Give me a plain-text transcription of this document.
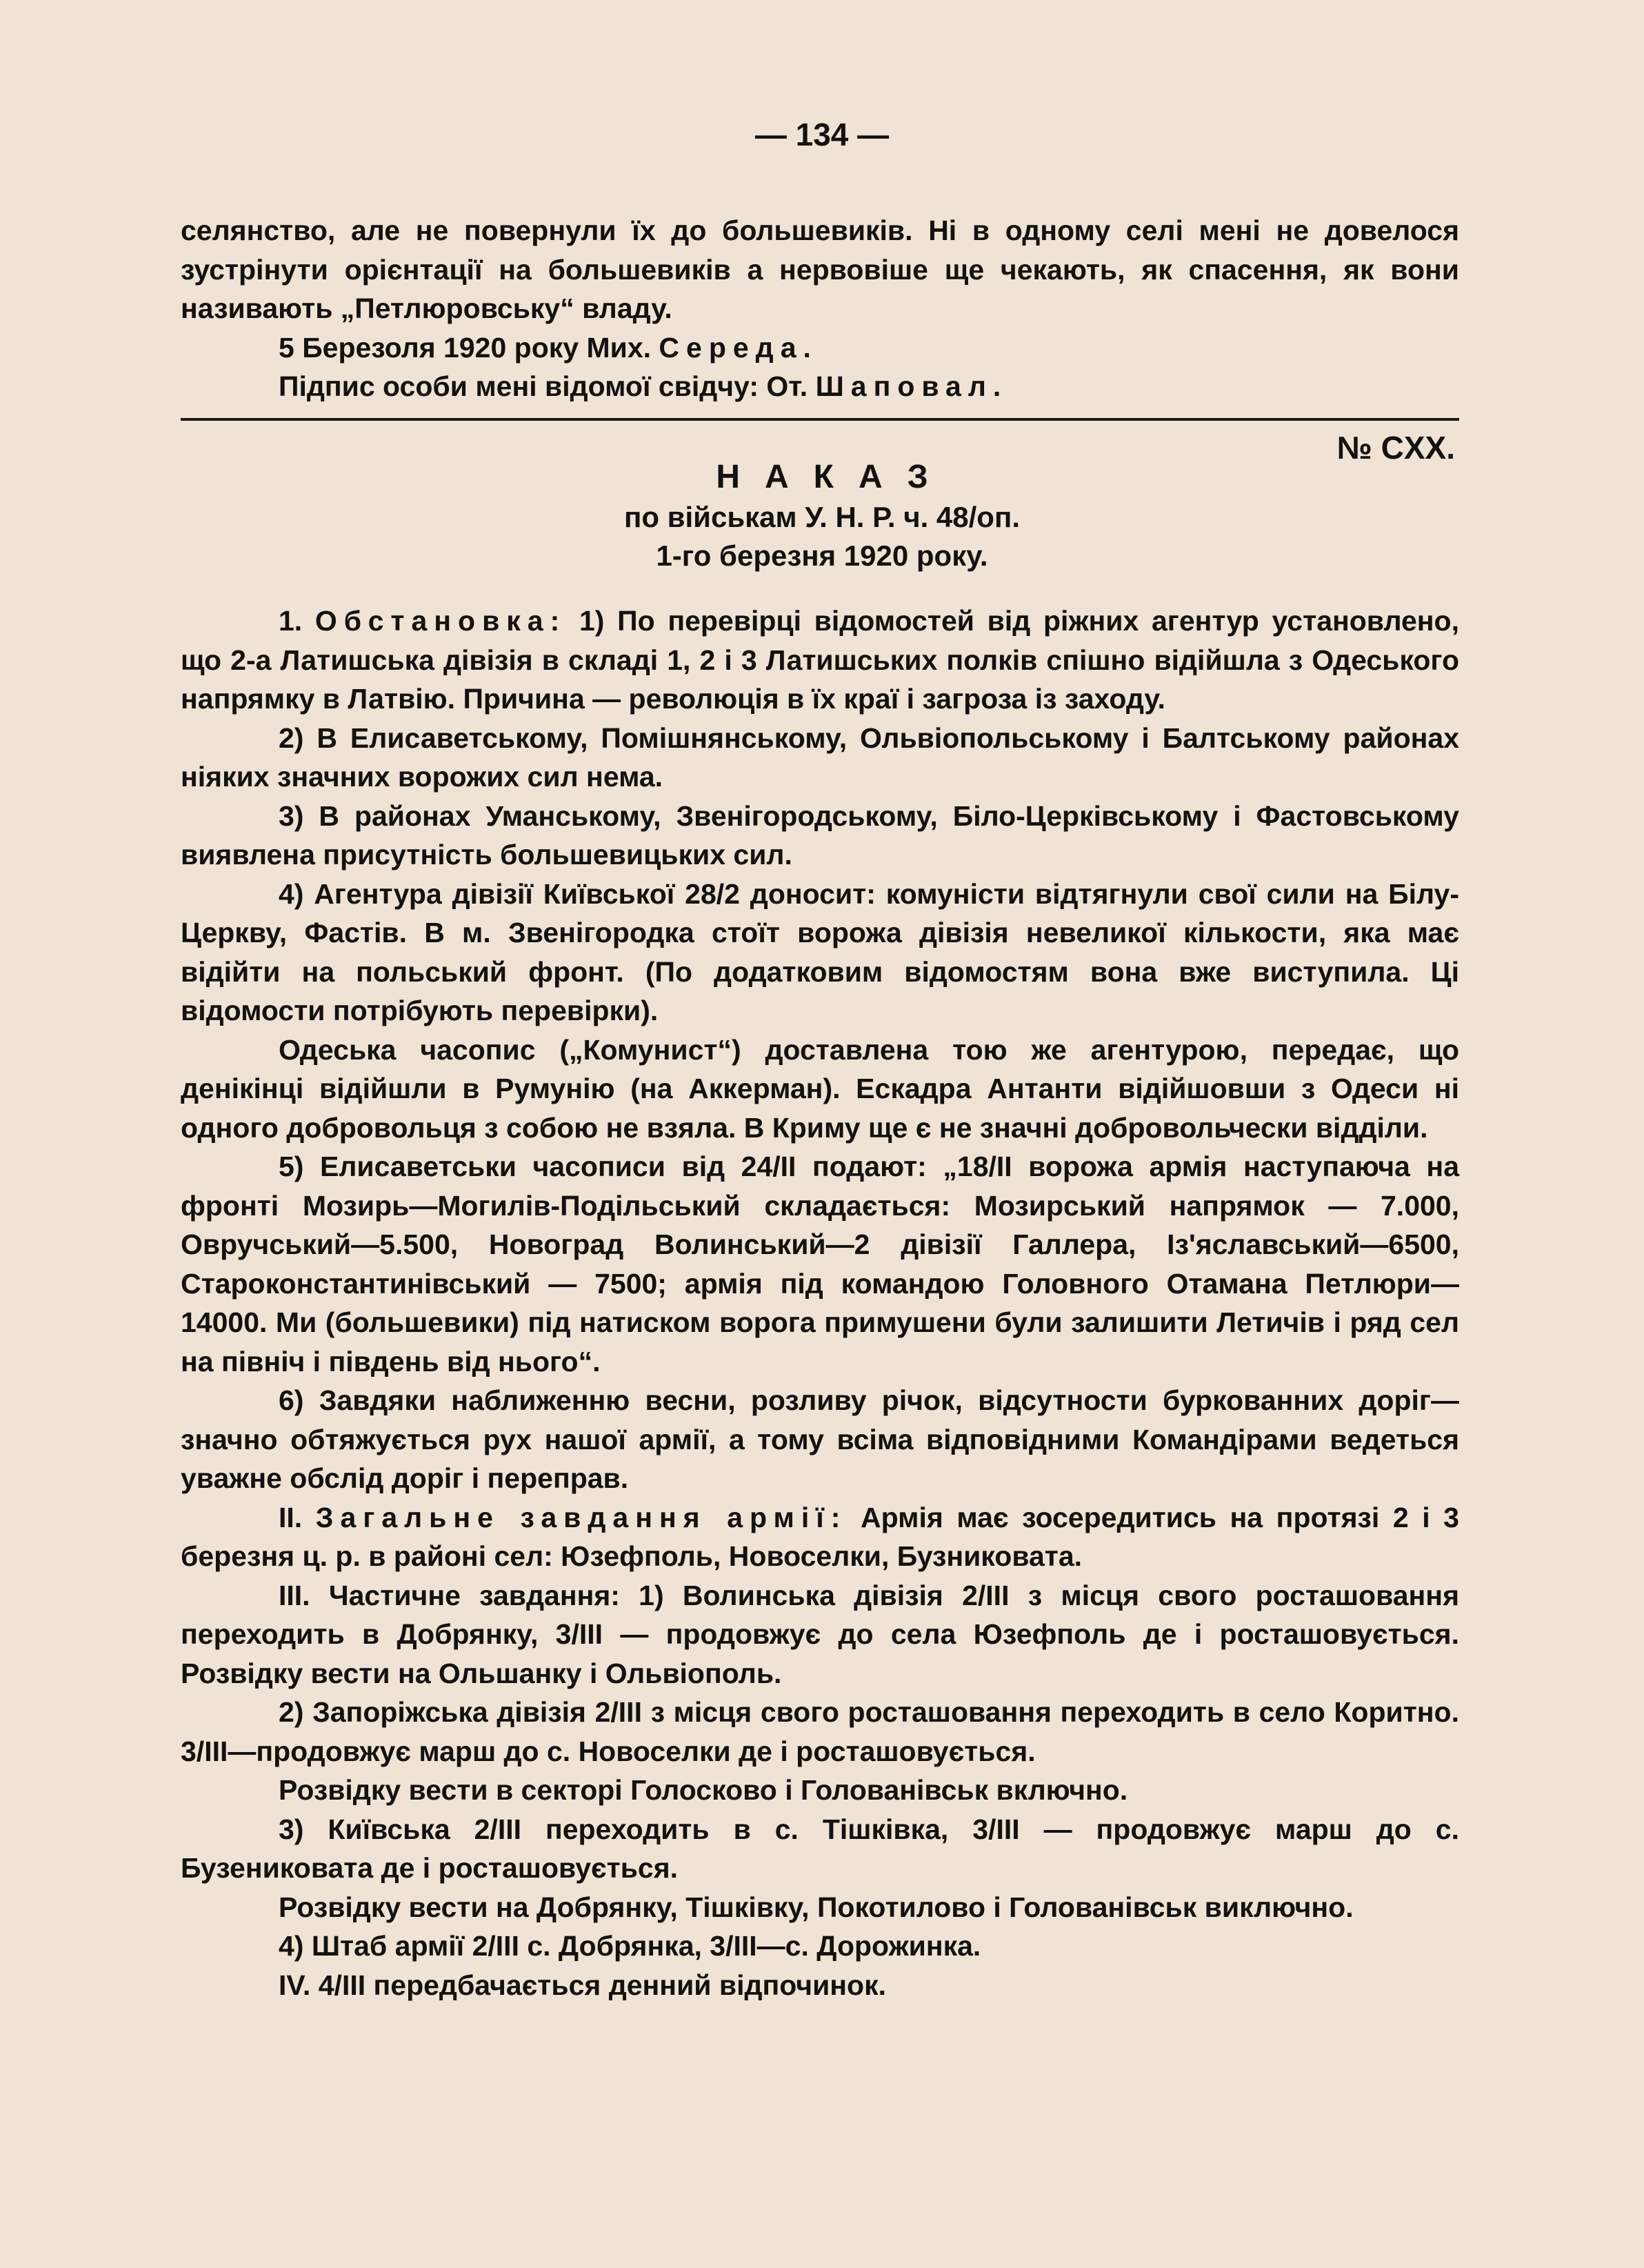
— 134 —

селянство, але не повернули їх до большевиків. Ні в одному селі мені не довелося зустрінути орієнтації на большевиків а нервовіше ще чекають, як спасення, як вони називають „Петлюровську“ владу.

5 Березоля 1920 року Мих. Середа.

Підпис особи мені відомої свідчу: От. Шаповал.

№ CXX.

НАКАЗ

по військам У. Н. Р. ч. 48/оп.

1-го березня 1920 року.

1. Обстановка: 1) По перевірці відомостей від ріжних агентур установлено, що 2-а Латишська дівізія в складі 1, 2 і 3 Латишських полків спішно відійшла з Одеського напрямку в Латвію. Причина — революція в їх краї і загроза із заходу.

2) В Елисаветському, Помішнянському, Ольвіопольському і Балтському районах ніяких значних ворожих сил нема.

3) В районах Уманському, Звенігородському, Біло-Церківському і Фастовському виявлена присутність большевицьких сил.

4) Агентура дівізії Київської 28/2 доносит: комуністи відтягнули свої сили на Білу-Церкву, Фастів. В м. Звенігородка стоїт ворожа дівізія невеликої кількости, яка має відійти на польський фронт. (По додатковим відомостям вона вже виступила. Ці відомости потрібують перевірки).

Одеська часопис („Комунист“) доставлена тою же агентурою, передає, що денікінці відійшли в Румунію (на Аккерман). Ескадра Антанти відійшовши з Одеси ні одного добровольця з собою не взяла. В Криму ще є не значні добровольчески відділи.

5) Елисаветськи часописи від 24/II подают: „18/II ворожа армія наступаюча на фронті Мозирь—Могилів-Подільський складається: Мозирський напрямок — 7.000, Овручський—5.500, Новоград Волинський—2 дівізії Галлера, Із'яславський—6500, Староконстантинівський — 7500; армія під командою Головного Отамана Петлюри—14000. Ми (большевики) під натиском ворога примушени були залишити Летичів і ряд сел на північ і південь від нього“.

6) Завдяки наближенню весни, розливу річок, відсутности буркованних доріг—значно обтяжується рух нашої армії, а тому всіма відповідними Командірами ведеться уважне обслід доріг і переправ.

II. Загальне завдання армії: Армія має зосередитись на протязі 2 і 3 березня ц. р. в районі сел: Юзефполь, Новоселки, Бузниковата.

III. Частичне завдання: 1) Волинська дівізія 2/III з місця свого росташовання переходить в Добрянку, 3/III — продовжує до села Юзефполь де і росташовується. Розвідку вести на Ольшанку і Ольвіополь.

2) Запоріжська дівізія 2/III з місця свого росташовання переходить в село Коритно. 3/III—продовжує марш до с. Новоселки де і росташовується.

Розвідку вести в секторі Голосково і Голованівськ включно.

3) Київська 2/III переходить в с. Тішківка, 3/III — продовжує марш до с. Бузениковата де і росташовується.

Розвідку вести на Добрянку, Тішківку, Покотилово і Голованівськ виключно.

4) Штаб армії 2/III с. Добрянка, 3/III—с. Дорожинка.

IV. 4/III передбачається денний відпочинок.
